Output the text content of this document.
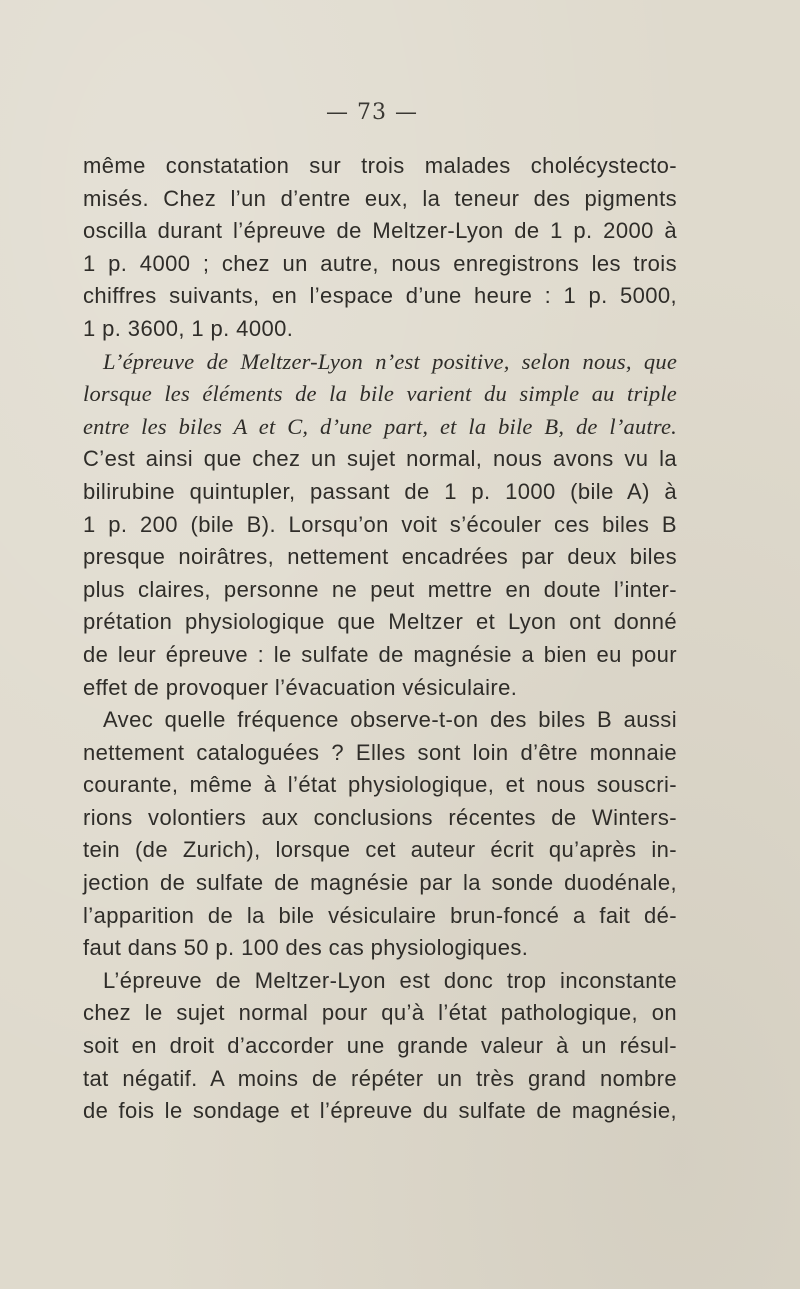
— 73 —
même constatation sur trois malades cholécystecto-
misés. Chez l’un d’entre eux, la teneur des pigments
oscilla durant l’épreuve de Meltzer-Lyon de 1 p. 2000 à
1 p. 4000 ; chez un autre, nous enregistrons les trois
chiffres suivants, en l’espace d’une heure : 1 p. 5000,
1 p. 3600, 1 p. 4000.
L’épreuve de Meltzer-Lyon n’est positive, selon nous, que
lorsque les éléments de la bile varient du simple au triple
entre les biles A et C, d’une part, et la bile B, de l’autre.
C’est ainsi que chez un sujet normal, nous avons vu la
bilirubine quintupler, passant de 1 p. 1000 (bile A) à
1 p. 200 (bile B). Lorsqu’on voit s’écouler ces biles B
presque noirâtres, nettement encadrées par deux biles
plus claires, personne ne peut mettre en doute l’inter-
prétation physiologique que Meltzer et Lyon ont donné
de leur épreuve : le sulfate de magnésie a bien eu pour
effet de provoquer l’évacuation vésiculaire.
Avec quelle fréquence observe-t-on des biles B aussi
nettement cataloguées ? Elles sont loin d’être monnaie
courante, même à l’état physiologique, et nous souscri-
rions volontiers aux conclusions récentes de Winters-
tein (de Zurich), lorsque cet auteur écrit qu’après in-
jection de sulfate de magnésie par la sonde duodénale,
l’apparition de la bile vésiculaire brun-foncé a fait dé-
faut dans 50 p. 100 des cas physiologiques.
L’épreuve de Meltzer-Lyon est donc trop inconstante
chez le sujet normal pour qu’à l’état pathologique, on
soit en droit d’accorder une grande valeur à un résul-
tat négatif. A moins de répéter un très grand nombre
de fois le sondage et l’épreuve du sulfate de magnésie,
